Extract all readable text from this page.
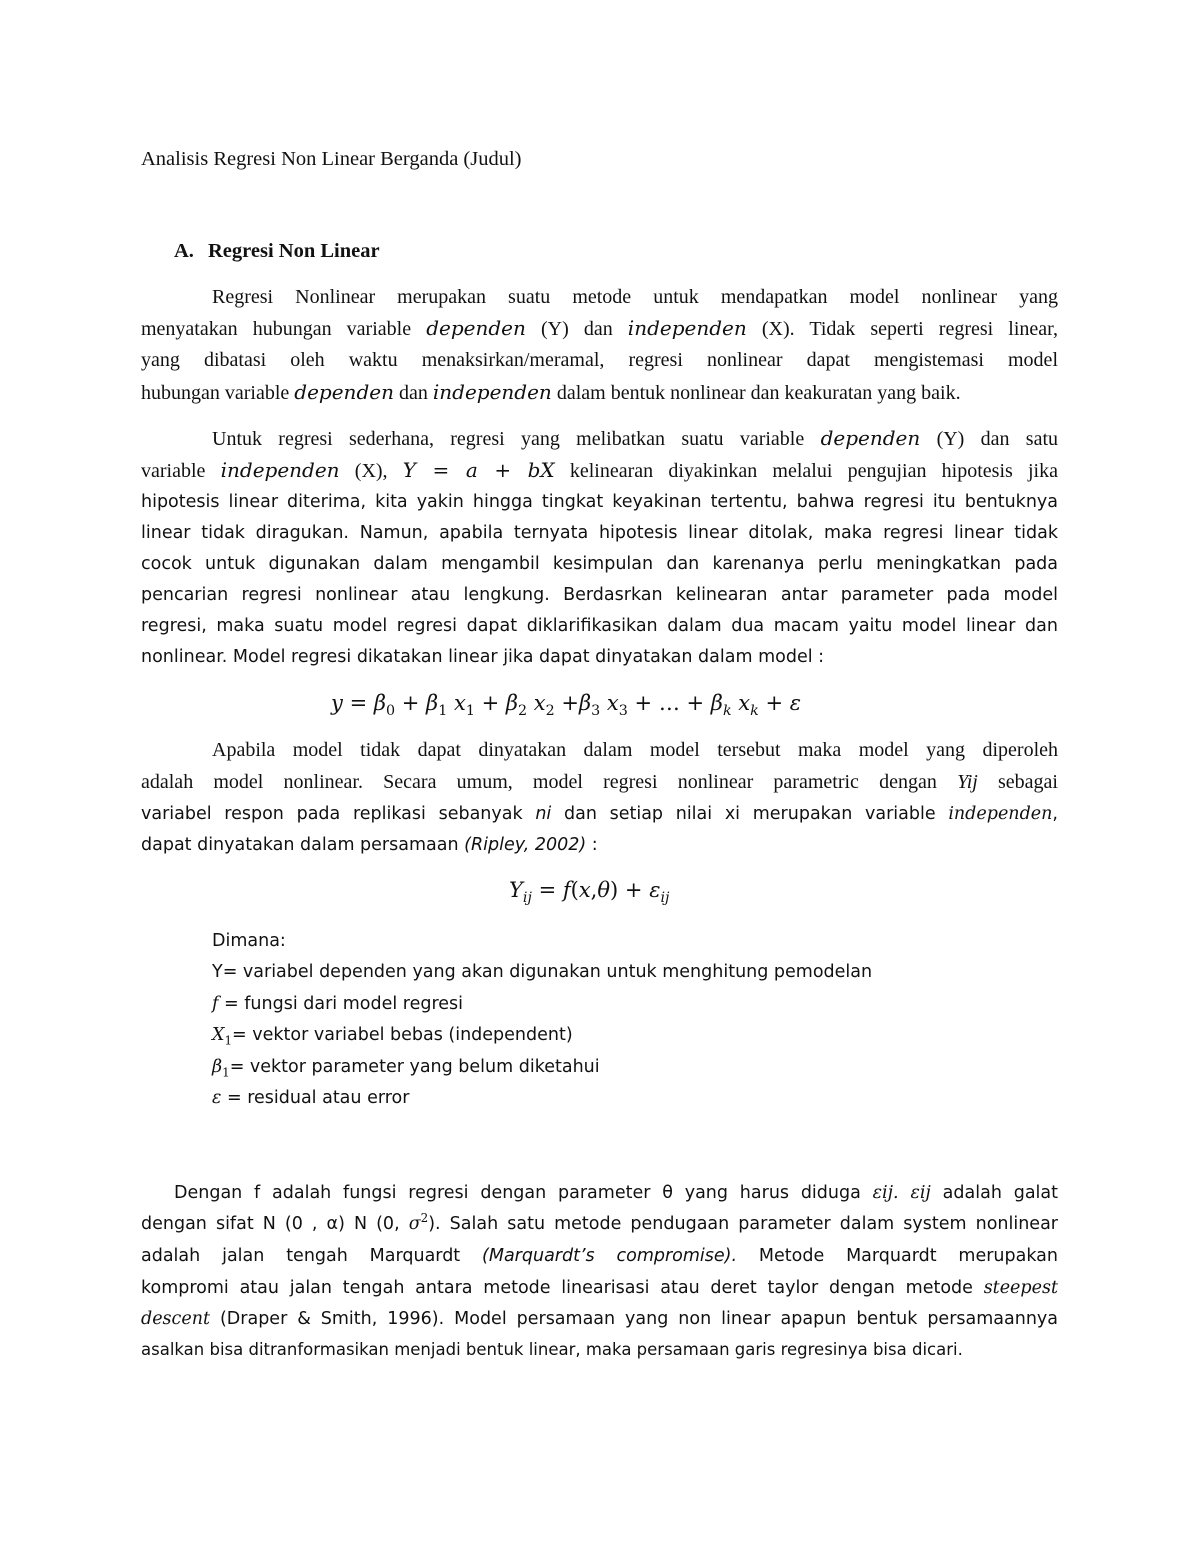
Analisis Regresi Non Linear Berganda (Judul)
A. Regresi Non Linear
Regresi Nonlinear merupakan suatu metode untuk mendapatkan model nonlinear yang
menyatakan hubungan variable dependen (Y) dan independen (X). Tidak seperti regresi linear,
yang dibatasi oleh waktu menaksirkan/meramal, regresi nonlinear dapat mengistemasi model
hubungan variable dependen dan independen dalam bentuk nonlinear dan keakuratan yang baik.
Untuk regresi sederhana, regresi yang melibatkan suatu variable dependen (Y) dan satu
variable independen (X), Y = a + bX kelinearan diyakinkan melalui pengujian hipotesis jika
hipotesis linear diterima, kita yakin hingga tingkat keyakinan tertentu, bahwa regresi itu bentuknya
linear tidak diragukan. Namun, apabila ternyata hipotesis linear ditolak, maka regresi linear tidak
cocok untuk digunakan dalam mengambil kesimpulan dan karenanya perlu meningkatkan pada
pencarian regresi nonlinear atau lengkung. Berdasrkan kelinearan antar parameter pada model
regresi, maka suatu model regresi dapat diklarifikasikan dalam dua macam yaitu model linear dan
nonlinear. Model regresi dikatakan linear jika dapat dinyatakan dalam model :
$y = \beta_0 + \beta_1$ $x_1 + \beta_2$ $x_2 +\beta_3$ $x_3$ + … + $\beta_k$ $x_k + \varepsilon$
Apabila model tidak dapat dinyatakan dalam model tersebut maka model yang diperoleh
adalah model nonlinear. Secara umum, model regresi nonlinear parametric dengan Yij sebagai
variabel respon pada replikasi sebanyak ni dan setiap nilai xi merupakan variable independen,
dapat dinyatakan dalam persamaan (Ripley, 2002) :
$Y_{ij} = f(x,\theta) + \varepsilon_{ij}$
Dimana:
Y= variabel dependen yang akan digunakan untuk menghitung pemodelan
f = fungsi dari model regresi
$X_1=$ vektor variabel bebas (independent)
$\beta_1=$ vektor parameter yang belum diketahui
ε = residual atau error
Dengan f adalah fungsi regresi dengan parameter θ yang harus diduga εij. εij adalah galat
dengan sifat N (0 , α) N (0, $\sigma^2$). Salah satu metode pendugaan parameter dalam system nonlinear
adalah jalan tengah Marquardt (Marquardt’s compromise). Metode Marquardt merupakan
kompromi atau jalan tengah antara metode linearisasi atau deret taylor dengan metode steepest
descent (Draper & Smith, 1996). Model persamaan yang non linear apapun bentuk persamaannya
asalkan bisa ditranformasikan menjadi bentuk linear, maka persamaan garis regresinya bisa dicari.
